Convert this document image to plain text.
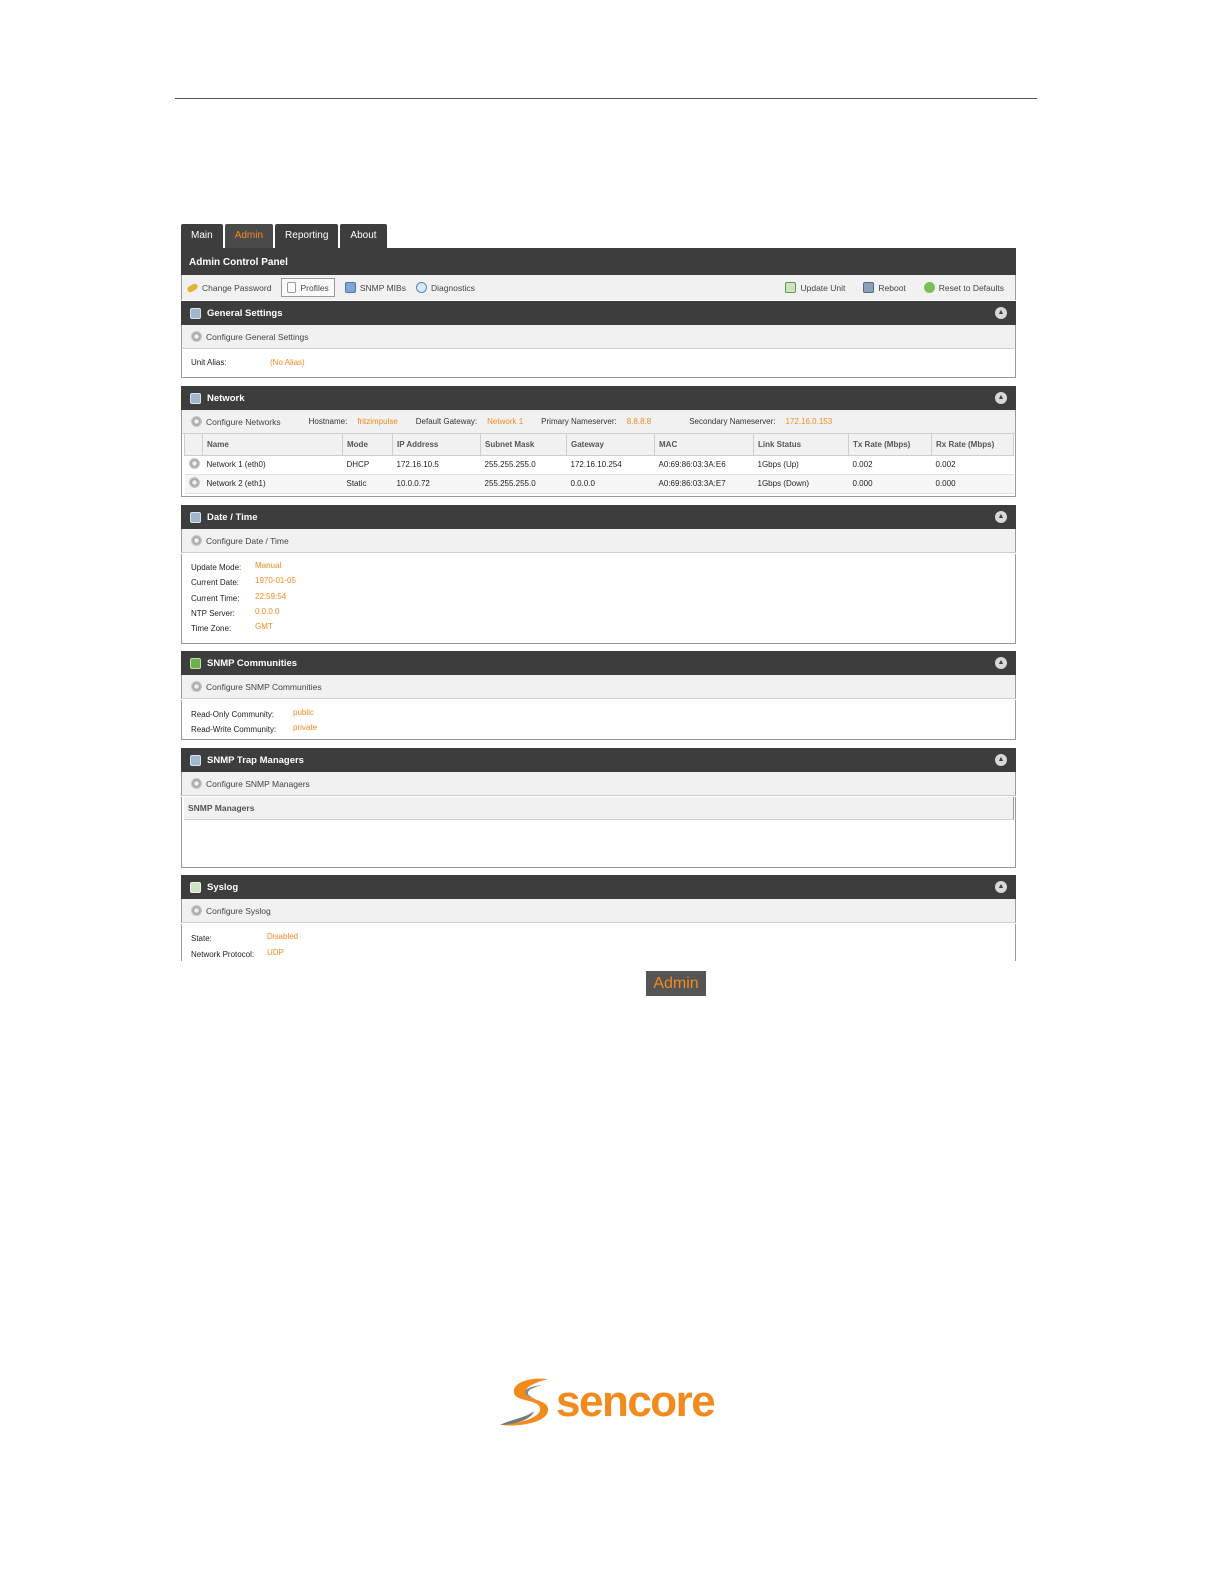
Main	Admin	Reporting	About
Admin Control Panel
Change Password	Profiles	SNMP MIBs	Diagnostics	Update Unit	Reboot	Reset to Defaults
General Settings	▲
Configure General Settings
Unit Alias:	(No Alias)
Network	▲
Configure Networks	Hostname: fritzimpulse Default Gateway: Network 1 Primary Nameserver: 8.8.8.8	Secondary Nameserver: 172.16.0.153
	Name	Mode	IP Address	Subnet Mask	Gateway	MAC	Link Status	Tx Rate (Mbps)	Rx Rate (Mbps)
	Network 1 (eth0)	DHCP	172.16.10.5	255.255.255.0	172.16.10.254	A0:69:86:03:3A:E6	1Gbps (Up)	0.002	0.002
	Network 2 (eth1)	Static	10.0.0.72	255.255.255.0	0.0.0.0	A0:69:86:03:3A:E7	1Gbps (Down)	0.000	0.000
Date / Time	▲
Configure Date / Time
Update Mode: Manual
Current Date: 1970-01-05
Current Time: 22:59:54
NTP Server:	0.0.0.0
Time Zone:	GMT
SNMP Communities	▲
Configure SNMP Communities
Read-Only Community: public
Read-Write Community: private
SNMP Trap Managers	▲
Configure SNMP Managers
SNMP Managers
Syslog	▲
Configure Syslog
State:	Disabled
Network Protocol: UDP
Admin
sencore
